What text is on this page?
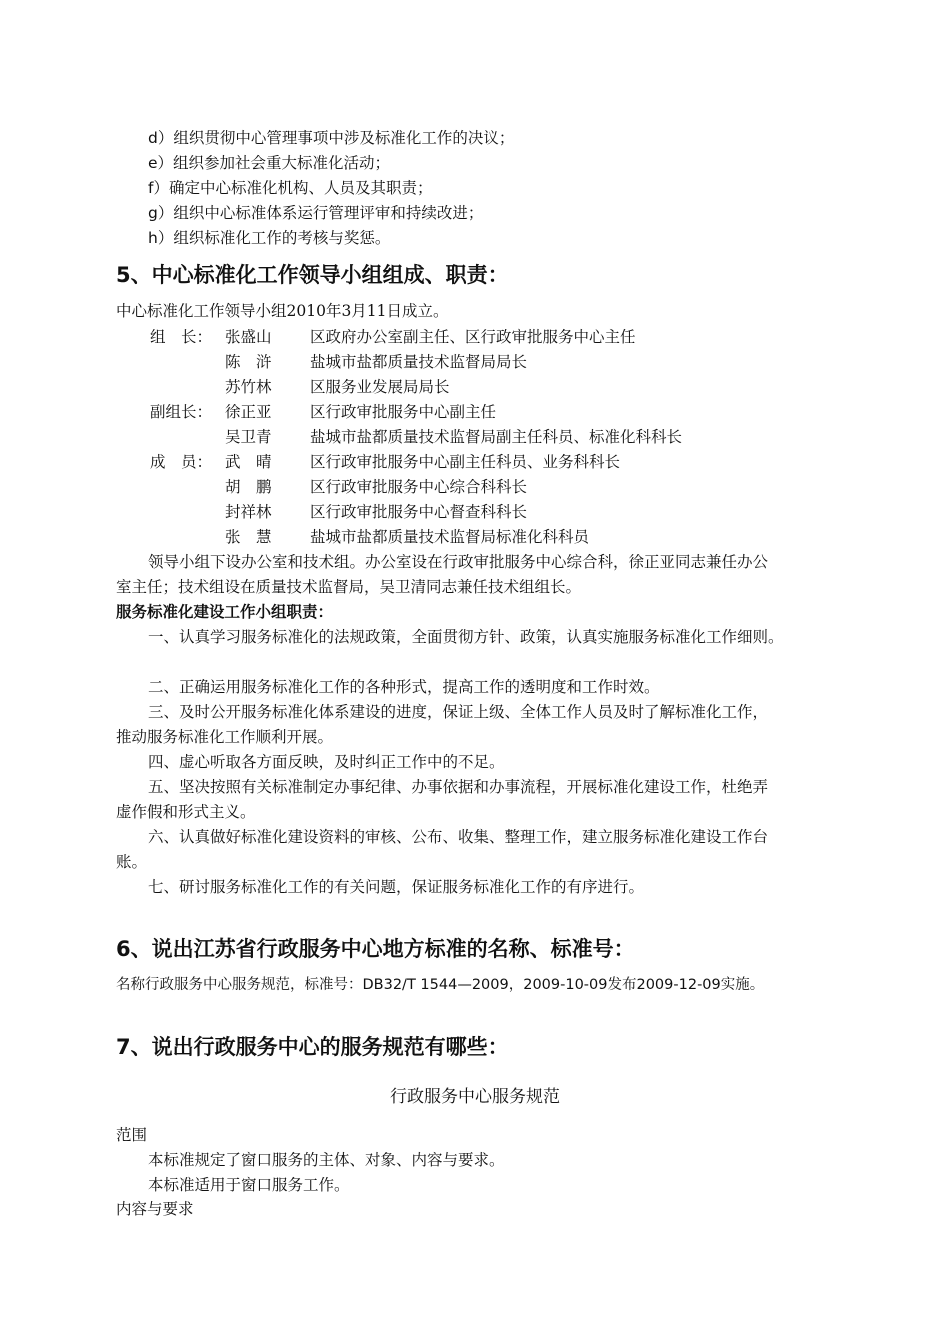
d）组织贯彻中心管理事项中涉及标准化工作的决议；
e）组织参加社会重大标准化活动；
f）确定中心标准化机构、人员及其职责；
g）组织中心标准体系运行管理评审和持续改进；
h）组织标准化工作的考核与奖惩。
5、中心标准化工作领导小组组成、职责：
中心标准化工作领导小组2010年3月11日成立。
组　长： 张盛山 区政府办公室副主任、区行政审批服务中心主任
陈　浒 盐城市盐都质量技术监督局局长
苏竹林 区服务业发展局局长
副组长： 徐正亚 区行政审批服务中心副主任
吴卫青 盐城市盐都质量技术监督局副主任科员、标准化科科长
成　员： 武　晴 区行政审批服务中心副主任科员、业务科科长
胡　鹏 区行政审批服务中心综合科科长
封祥林 区行政审批服务中心督查科科长
张　慧 盐城市盐都质量技术监督局标准化科科员
领导小组下设办公室和技术组。办公室设在行政审批服务中心综合科，徐正亚同志兼任办公
室主任；技术组设在质量技术监督局，吴卫清同志兼任技术组组长。
服务标准化建设工作小组职责：
一、认真学习服务标准化的法规政策，全面贯彻方针、政策，认真实施服务标准化工作细则。
二、正确运用服务标准化工作的各种形式，提高工作的透明度和工作时效。
三、及时公开服务标准化体系建设的进度，保证上级、全体工作人员及时了解标准化工作，
推动服务标准化工作顺利开展。
四、虚心听取各方面反映，及时纠正工作中的不足。
五、坚决按照有关标准制定办事纪律、办事依据和办事流程，开展标准化建设工作，杜绝弄
虚作假和形式主义。
六、认真做好标准化建设资料的审核、公布、收集、整理工作，建立服务标准化建设工作台
账。
七、研讨服务标准化工作的有关问题，保证服务标准化工作的有序进行。
6、说出江苏省行政服务中心地方标准的名称、标准号：
名称行政服务中心服务规范，标准号：DB32/T 1544—2009，2009-10-09发布2009-12-09实施。
7、说出行政服务中心的服务规范有哪些：
行政服务中心服务规范
范围
本标准规定了窗口服务的主体、对象、内容与要求。
本标准适用于窗口服务工作。
内容与要求
